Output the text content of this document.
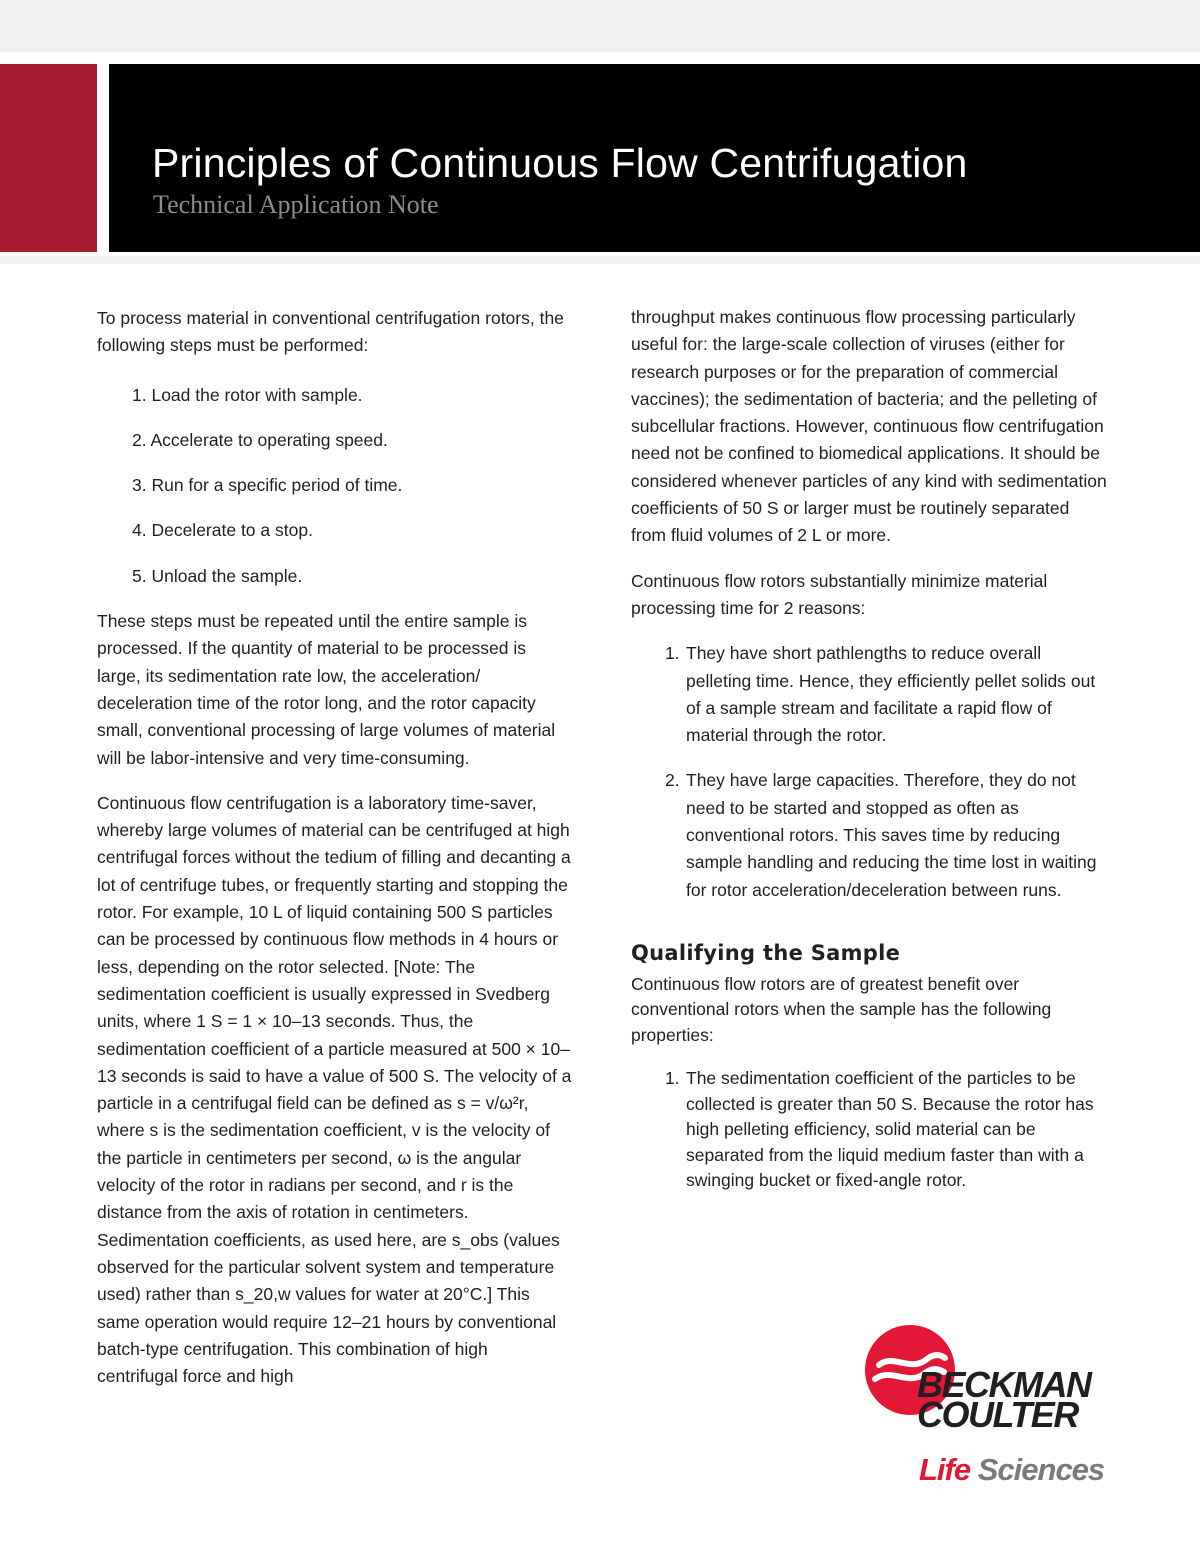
Principles of Continuous Flow Centrifugation
Technical Application Note

To process material in conventional centrifugation rotors, the following steps must be performed:

1. Load the rotor with sample.
2. Accelerate to operating speed.
3. Run for a specific period of time.
4. Decelerate to a stop.
5. Unload the sample.

These steps must be repeated until the entire sample is processed. If the quantity of material to be processed is large, its sedimentation rate low, the acceleration/ deceleration time of the rotor long, and the rotor capacity small, conventional processing of large volumes of material will be labor-intensive and very time-consuming.

Continuous flow centrifugation is a laboratory time-saver, whereby large volumes of material can be centrifuged at high centrifugal forces without the tedium of filling and decanting a lot of centrifuge tubes, or frequently starting and stopping the rotor. For example, 10 L of liquid containing 500 S particles can be processed by continuous flow methods in 4 hours or less, depending on the rotor selected. [Note: The sedimentation coefficient is usually expressed in Svedberg units, where 1 S = 1 × 10–13 seconds. Thus, the sedimentation coefficient of a particle measured at 500 × 10–13 seconds is said to have a value of 500 S. The velocity of a particle in a centrifugal field can be defined as s = v/ω²r, where s is the sedimentation coefficient, v is the velocity of the particle in centimeters per second, ω is the angular velocity of the rotor in radians per second, and r is the distance from the axis of rotation in centimeters. Sedimentation coefficients, as used here, are s_obs (values observed for the particular solvent system and temperature used) rather than s_20,w values for water at 20°C.] This same operation would require 12–21 hours by conventional batch-type centrifugation. This combination of high centrifugal force and high

throughput makes continuous flow processing particularly useful for: the large-scale collection of viruses (either for research purposes or for the preparation of commercial vaccines); the sedimentation of bacteria; and the pelleting of subcellular fractions. However, continuous flow centrifugation need not be confined to biomedical applications. It should be considered whenever particles of any kind with sedimentation coefficients of 50 S or larger must be routinely separated from fluid volumes of 2 L or more.

Continuous flow rotors substantially minimize material processing time for 2 reasons:

1. They have short pathlengths to reduce overall pelleting time. Hence, they efficiently pellet solids out of a sample stream and facilitate a rapid flow of material through the rotor.
2. They have large capacities. Therefore, they do not need to be started and stopped as often as conventional rotors. This saves time by reducing sample handling and reducing the time lost in waiting for rotor acceleration/deceleration between runs.
Qualifying the Sample

Continuous flow rotors are of greatest benefit over conventional rotors when the sample has the following properties:

1. The sedimentation coefficient of the particles to be collected is greater than 50 S. Because the rotor has high pelleting efficiency, solid material can be separated from the liquid medium faster than with a swinging bucket or fixed-angle rotor.
BECKMAN
COULTER
Life Sciences
